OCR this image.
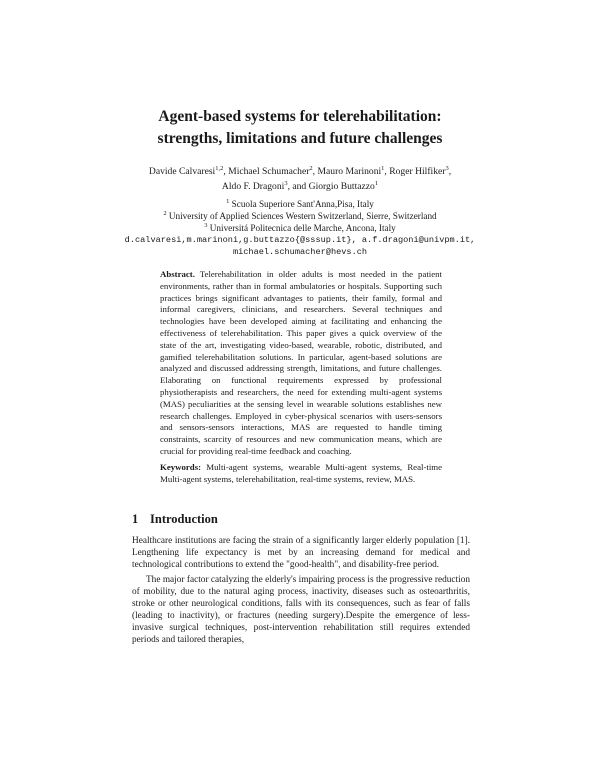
Agent-based systems for telerehabilitation:
strengths, limitations and future challenges
Davide Calvaresi$^{1,2}$, Michael Schumacher$^2$, Mauro Marinoni$^1$, Roger Hilfiker$^3$,
Aldo F. Dragoni$^3$, and Giorgio Buttazzo$^1$
$^1$ Scuola Superiore Sant'Anna,Pisa, Italy
$^2$ University of Applied Sciences Western Switzerland, Sierre, Switzerland
$^3$ Universitá Politecnica delle Marche, Ancona, Italy
d.calvaresi,m.marinoni,g.buttazzo{@sssup.it}, a.f.dragoni@univpm.it,
michael.schumacher@hevs.ch
Abstract. Telerehabilitation in older adults is most needed in the patient environments, rather than in formal ambulatories or hospitals. Supporting such practices brings significant advantages to patients, their family, formal and informal caregivers, clinicians, and researchers. Several techniques and technologies have been developed aiming at facilitating and enhancing the effectiveness of telerehabilitation. This paper gives a quick overview of the state of the art, investigating video-based, wearable, robotic, distributed, and gamified telerehabilitation solutions. In particular, agent-based solutions are analyzed and discussed addressing strength, limitations, and future challenges. Elaborating on functional requirements expressed by professional physiotherapists and researchers, the need for extending multi-agent systems (MAS) peculiarities at the sensing level in wearable solutions establishes new research challenges. Employed in cyber-physical scenarios with users-sensors and sensors-sensors interactions, MAS are requested to handle timing constraints, scarcity of resources and new communication means, which are crucial for providing real-time feedback and coaching.
Keywords: Multi-agent systems, wearable Multi-agent systems, Real-time Multi-agent systems, telerehabilitation, real-time systems, review, MAS.
1 Introduction

Healthcare institutions are facing the strain of a significantly larger elderly population [1]. Lengthening life expectancy is met by an increasing demand for medical and technological contributions to extend the "good-health", and disability-free period.

The major factor catalyzing the elderly's impairing process is the progressive reduction of mobility, due to the natural aging process, inactivity, diseases such as osteoarthritis, stroke or other neurological conditions, falls with its consequences, such as fear of falls (leading to inactivity), or fractures (needing surgery).Despite the emergence of less-invasive surgical techniques, post-intervention rehabilitation still requires extended periods and tailored therapies,
